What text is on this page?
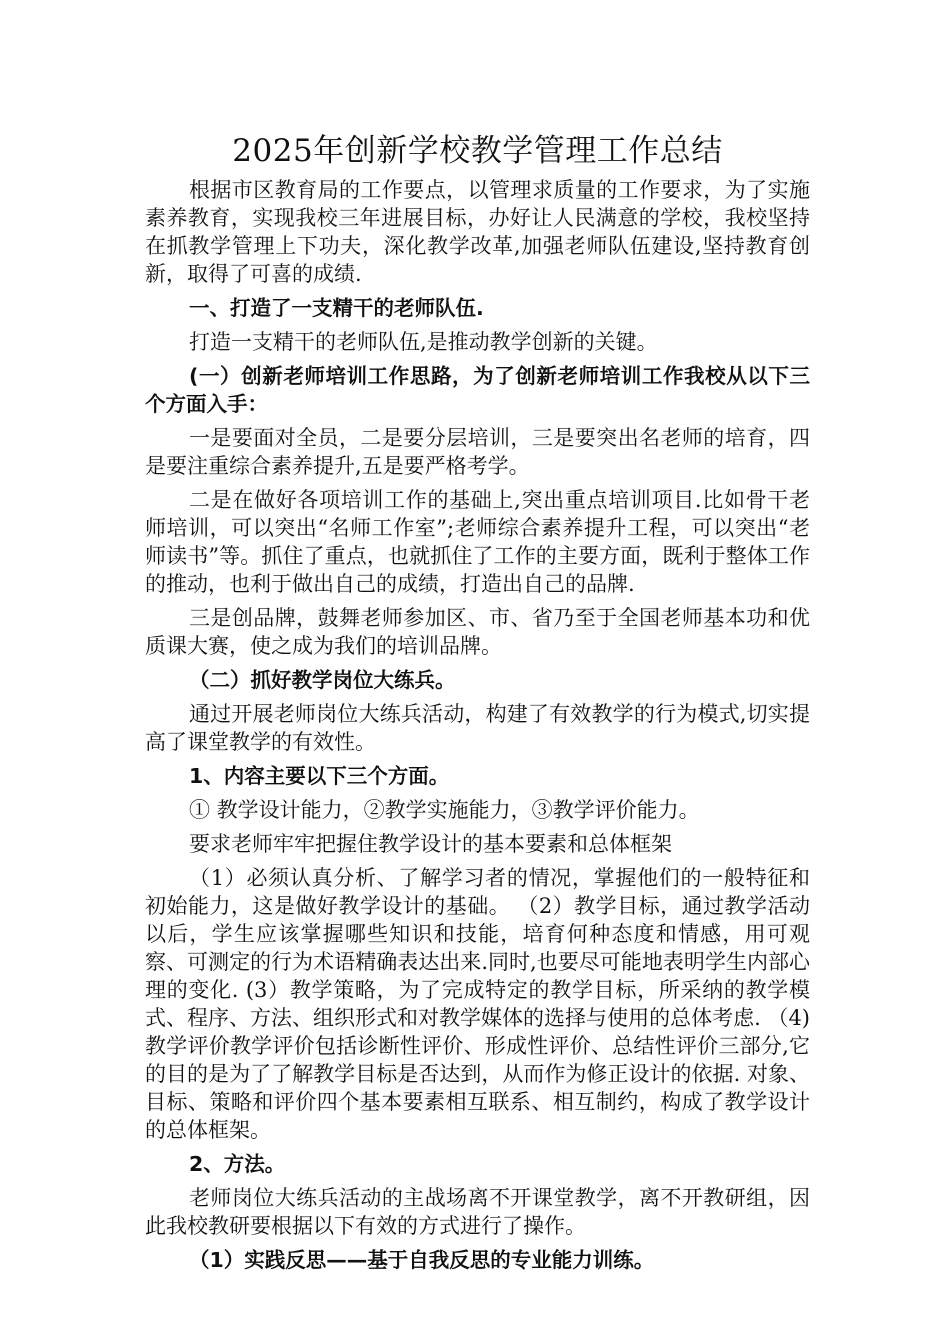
2025年创新学校教学管理工作总结

根据市区教育局的工作要点，以管理求质量的工作要求，为了实施素养教育，实现我校三年进展目标，办好让人民满意的学校，我校坚持在抓教学管理上下功夫，深化教学改革,加强老师队伍建设,坚持教育创新，取得了可喜的成绩.

一、打造了一支精干的老师队伍.

打造一支精干的老师队伍,是推动教学创新的关键。

(一）创新老师培训工作思路，为了创新老师培训工作我校从以下三个方面入手：

一是要面对全员，二是要分层培训，三是要突出名老师的培育，四是要注重综合素养提升,五是要严格考学。

二是在做好各项培训工作的基础上,突出重点培训项目.比如骨干老师培训，可以突出“名师工作室”;老师综合素养提升工程，可以突出“老师读书”等。抓住了重点，也就抓住了工作的主要方面，既利于整体工作的推动，也利于做出自己的成绩，打造出自己的品牌.

三是创品牌，鼓舞老师参加区、市、省乃至于全国老师基本功和优质课大赛，使之成为我们的培训品牌。

（二）抓好教学岗位大练兵。

通过开展老师岗位大练兵活动，构建了有效教学的行为模式,切实提高了课堂教学的有效性。

1、内容主要以下三个方面。

① 教学设计能力，②教学实施能力，③教学评价能力。

要求老师牢牢把握住教学设计的基本要素和总体框架

（1）必须认真分析、了解学习者的情况，掌握他们的一般特征和初始能力，这是做好教学设计的基础。 （2）教学目标，通过教学活动以后，学生应该掌握哪些知识和技能，培育何种态度和情感，用可观察、可测定的行为术语精确表达出来.同时,也要尽可能地表明学生内部心理的变化. (3）教学策略，为了完成特定的教学目标，所采纳的教学模式、程序、方法、组织形式和对教学媒体的选择与使用的总体考虑. （4)教学评价教学评价包括诊断性评价、形成性评价、总结性评价三部分,它的目的是为了了解教学目标是否达到，从而作为修正设计的依据. 对象、目标、策略和评价四个基本要素相互联系、相互制约，构成了教学设计的总体框架。

2、方法。

老师岗位大练兵活动的主战场离不开课堂教学，离不开教研组，因此我校教研要根据以下有效的方式进行了操作。

（1）实践反思——基于自我反思的专业能力训练。
